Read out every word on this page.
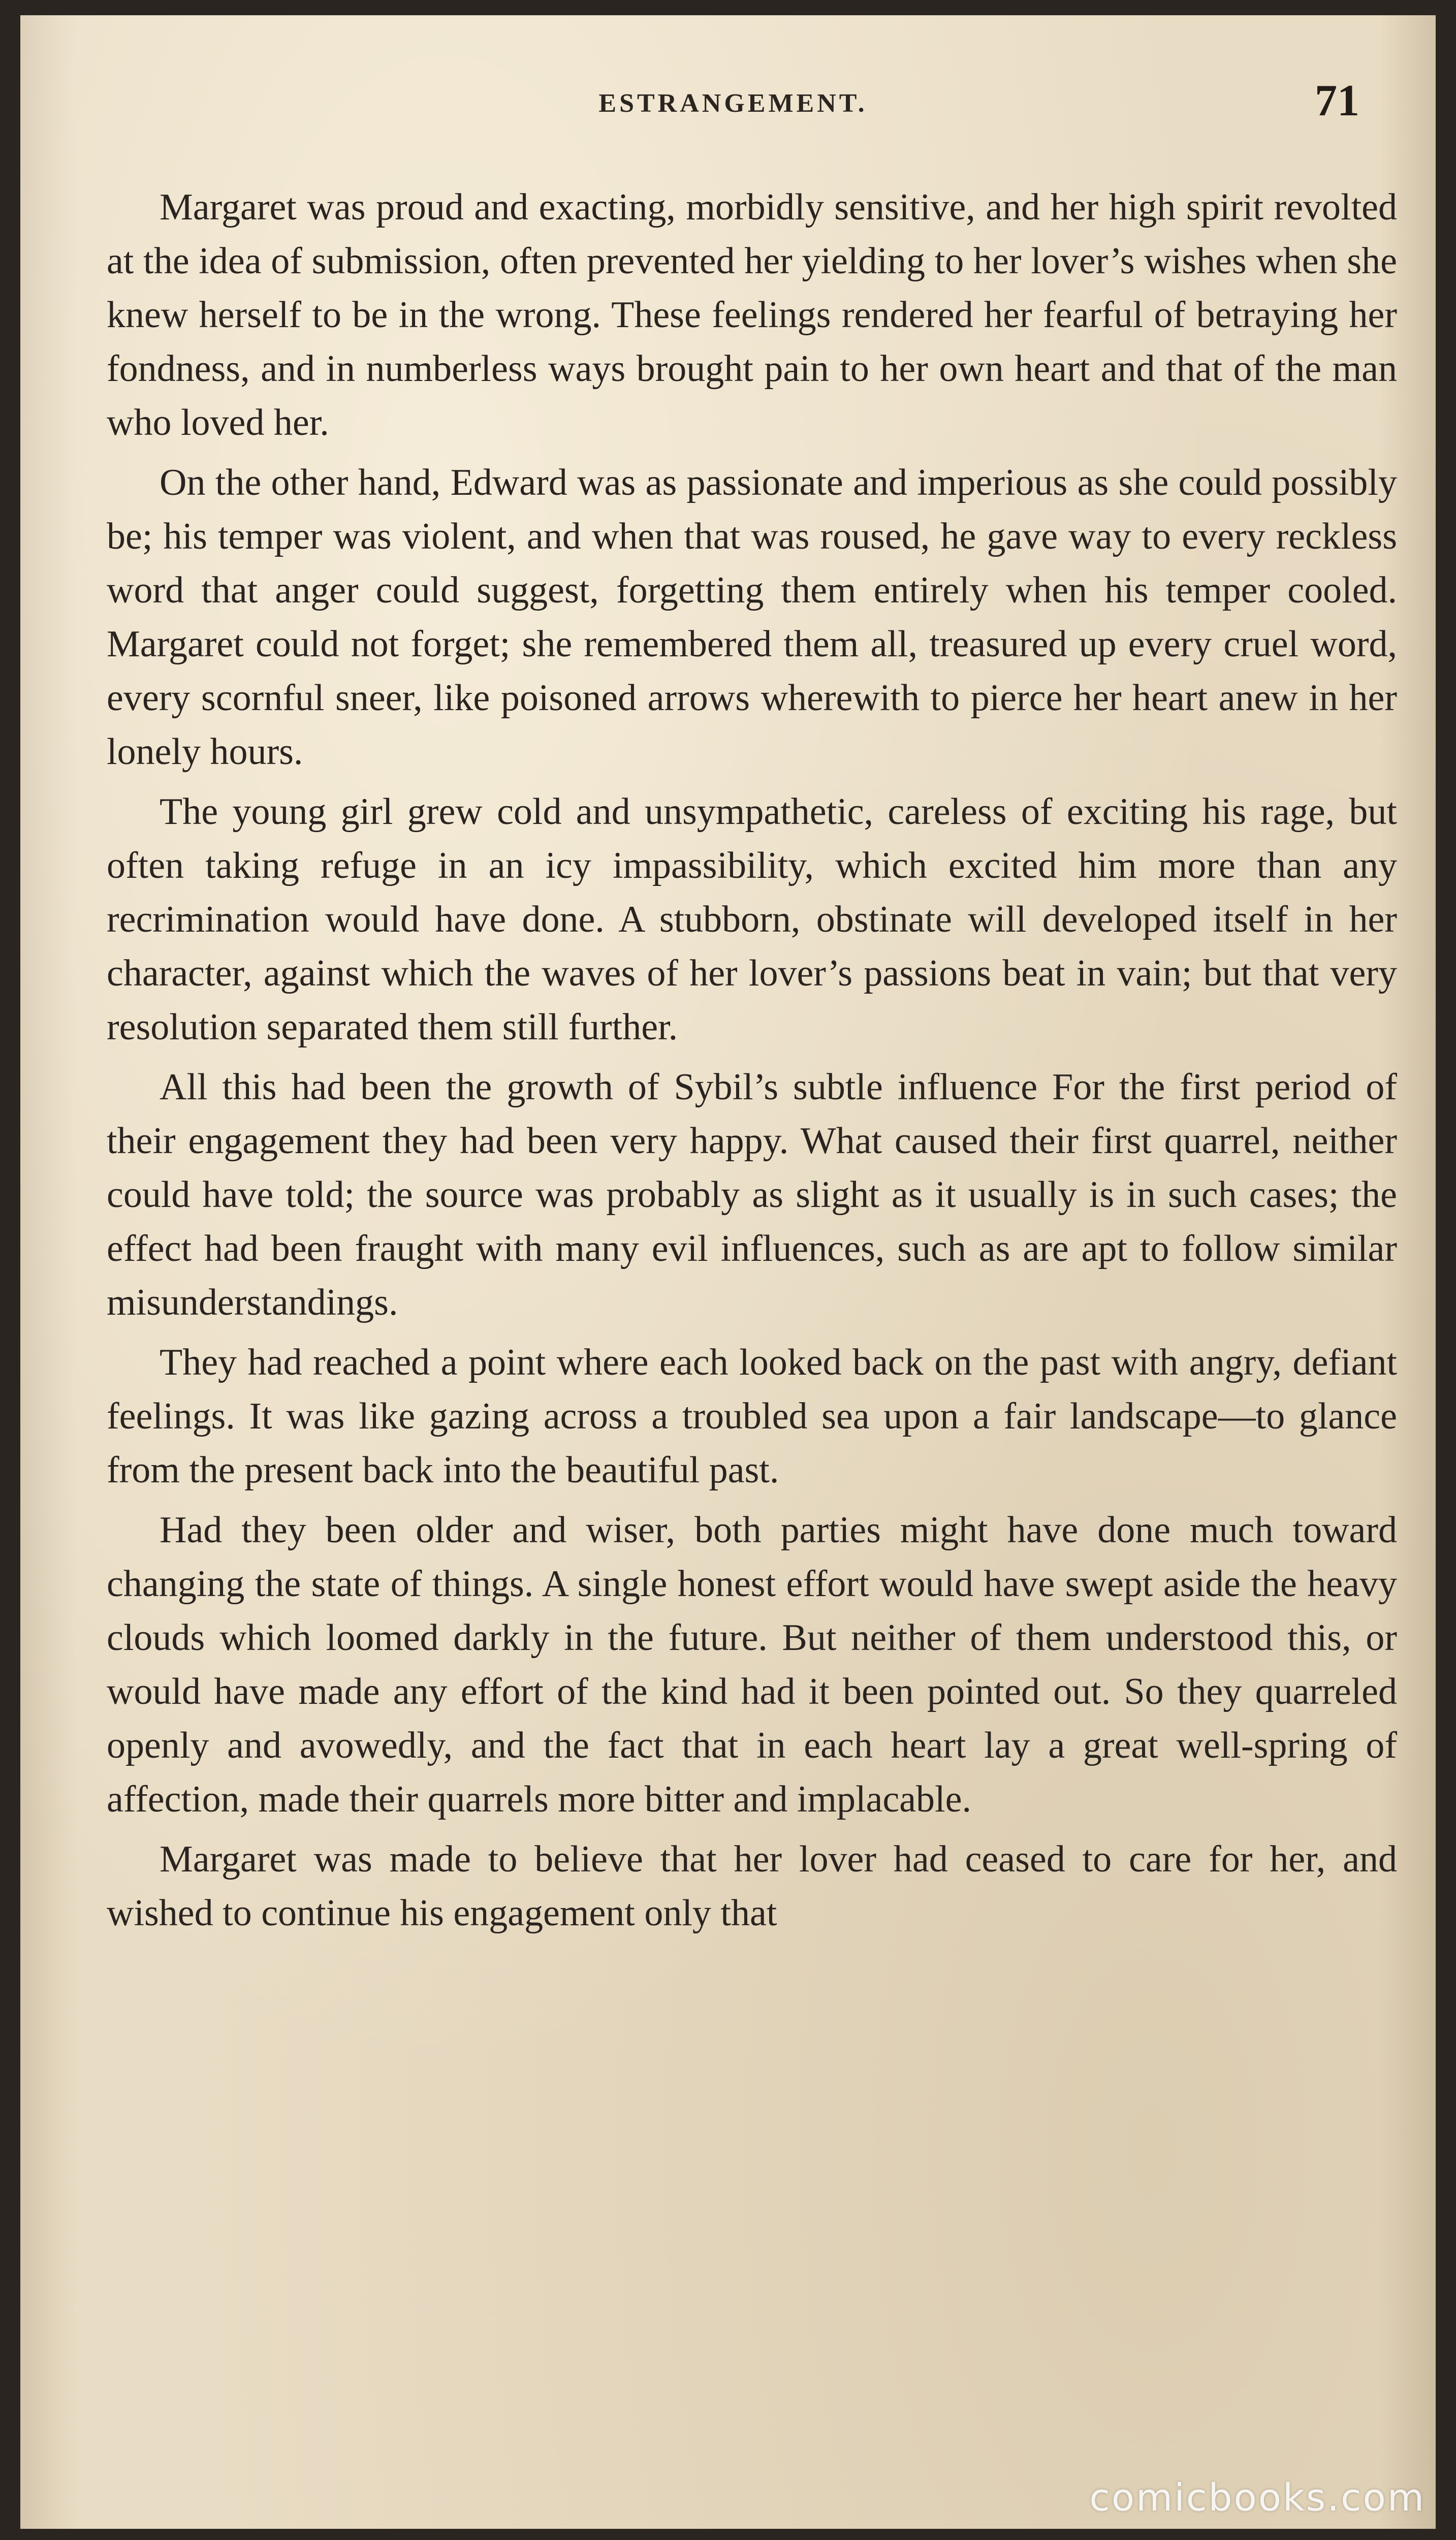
ESTRANGEMENT.	71

Margaret was proud and exacting, morbidly sensitive, and her high spirit revolted at the idea of submission, often prevented her yielding to her lover’s wishes when she knew herself to be in the wrong. These feelings rendered her fearful of betraying her fondness, and in numberless ways brought pain to her own heart and that of the man who loved her.

On the other hand, Edward was as passionate and imperious as she could possibly be; his temper was violent, and when that was roused, he gave way to every reckless word that anger could suggest, forgetting them entirely when his temper cooled. Margaret could not forget; she remembered them all, treasured up every cruel word, every scornful sneer, like poisoned arrows wherewith to pierce her heart anew in her lonely hours.

The young girl grew cold and unsympathetic, careless of exciting his rage, but often taking refuge in an icy impassibility, which excited him more than any recrimination would have done. A stubborn, obstinate will developed itself in her character, against which the waves of her lover’s passions beat in vain; but that very resolution separated them still further.

All this had been the growth of Sybil’s subtle influence For the first period of their engagement they had been very happy. What caused their first quarrel, neither could have told; the source was probably as slight as it usually is in such cases; the effect had been fraught with many evil influences, such as are apt to follow similar misunderstandings.

They had reached a point where each looked back on the past with angry, defiant feelings. It was like gazing across a troubled sea upon a fair landscape—to glance from the present back into the beautiful past.

Had they been older and wiser, both parties might have done much toward changing the state of things. A single honest effort would have swept aside the heavy clouds which loomed darkly in the future. But neither of them understood this, or would have made any effort of the kind had it been pointed out. So they quarreled openly and avowedly, and the fact that in each heart lay a great well-spring of affection, made their quarrels more bitter and implacable.

Margaret was made to believe that her lover had ceased to care for her, and wished to continue his engagement only that

comicbooks.com
